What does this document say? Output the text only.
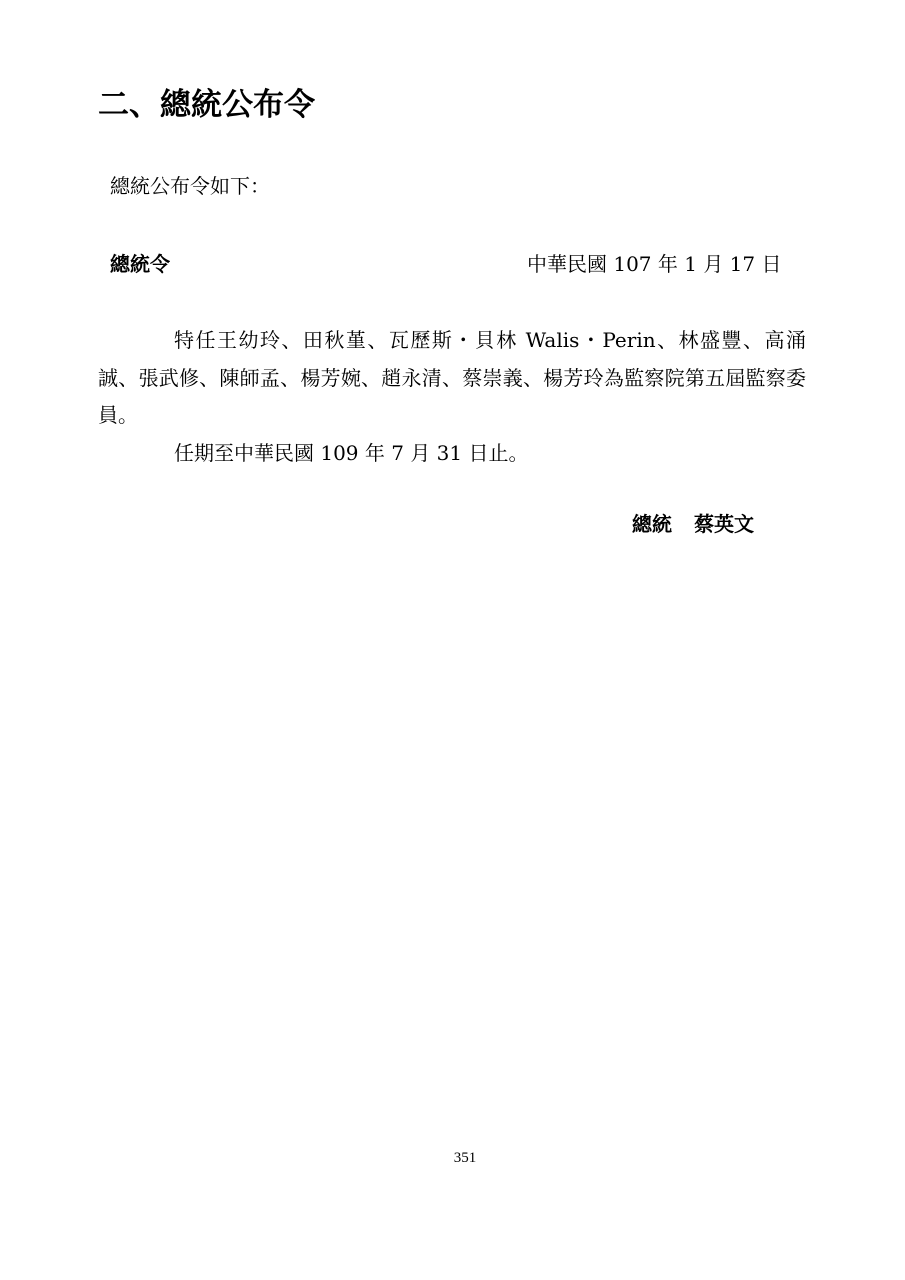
二、總統公布令
總統公布令如下：
總統令	中華民國 107 年 1 月 17 日

特任王幼玲、田秋堇、瓦歷斯・貝林 Walis・Perin、林盛豐、高涌誠、張武修、陳師孟、楊芳婉、趙永清、蔡崇義、楊芳玲為監察院第五屆監察委員。

任期至中華民國 109 年 7 月 31 日止。

總統 蔡英文
351
